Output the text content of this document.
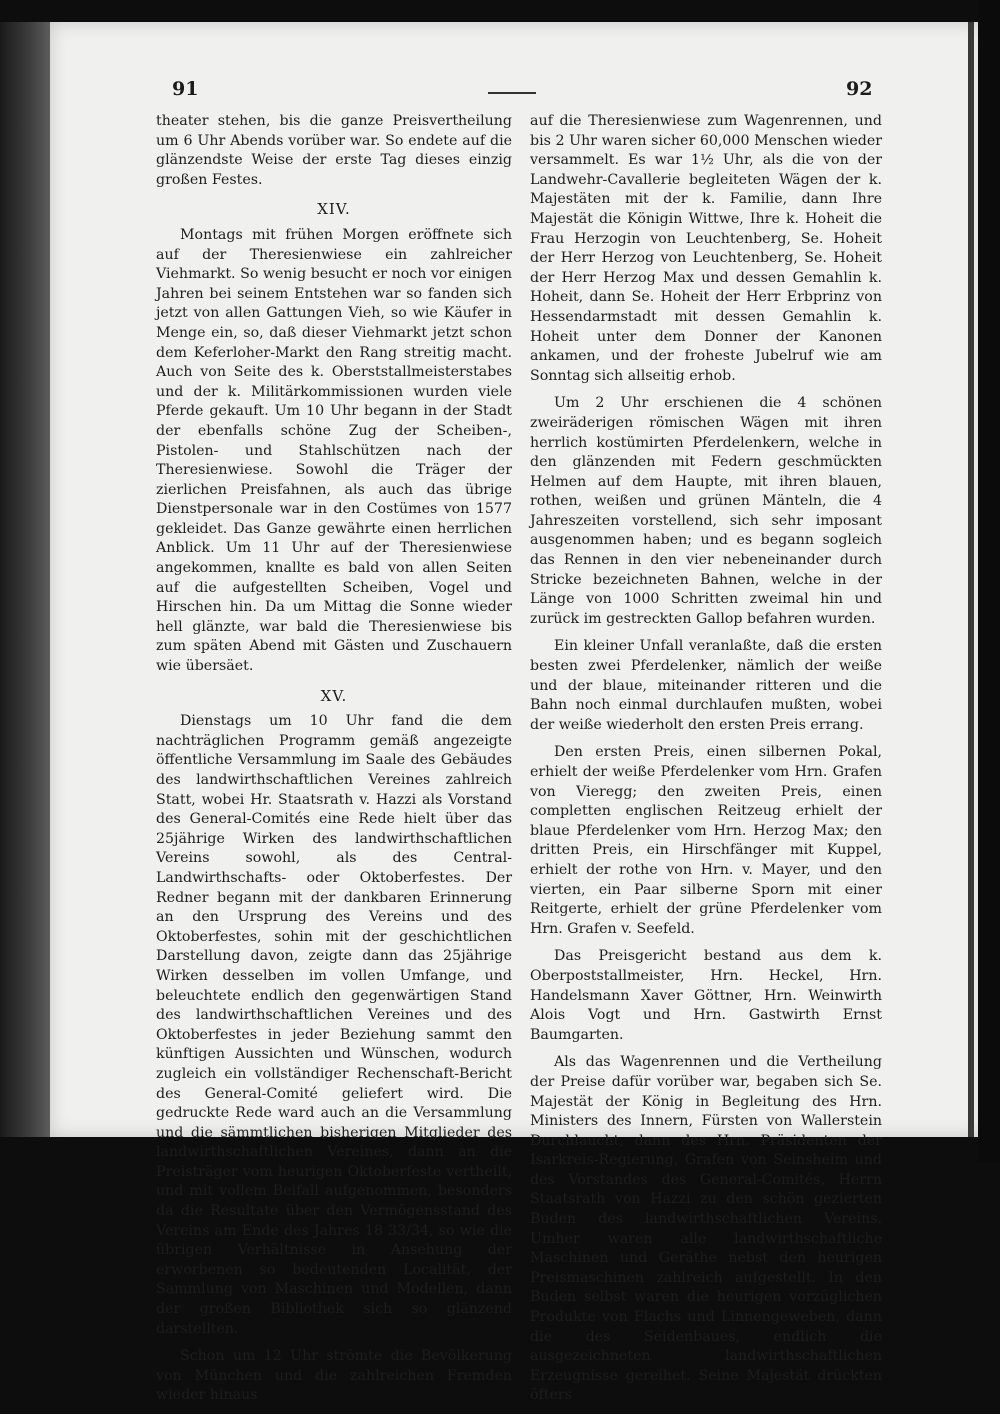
91	92

theater stehen, bis die ganze Preisvertheilung um 6 Uhr Abends vorüber war. So endete auf die glänzendste Weise der erste Tag dieses einzig großen Festes.

XIV.

Montags mit frühen Morgen eröffnete sich auf der Theresienwiese ein zahlreicher Viehmarkt. So wenig besucht er noch vor einigen Jahren bei seinem Entstehen war so fanden sich jetzt von allen Gattungen Vieh, so wie Käufer in Menge ein, so, daß dieser Viehmarkt jetzt schon dem Keferloher-Markt den Rang streitig macht. Auch von Seite des k. Oberststallmeisterstabes und der k. Militärkommissionen wurden viele Pferde gekauft. Um 10 Uhr begann in der Stadt der ebenfalls schöne Zug der Scheiben-, Pistolen- und Stahlschützen nach der Theresienwiese. Sowohl die Träger der zierlichen Preisfahnen, als auch das übrige Dienstpersonale war in den Costümes von 1577 gekleidet. Das Ganze gewährte einen herrlichen Anblick. Um 11 Uhr auf der Theresienwiese angekommen, knallte es bald von allen Seiten auf die aufgestellten Scheiben, Vogel und Hirschen hin. Da um Mittag die Sonne wieder hell glänzte, war bald die Theresienwiese bis zum späten Abend mit Gästen und Zuschauern wie übersäet.

XV.

Dienstags um 10 Uhr fand die dem nachträglichen Programm gemäß angezeigte öffentliche Versammlung im Saale des Gebäudes des landwirthschaftlichen Vereines zahlreich Statt, wobei Hr. Staatsrath v. Hazzi als Vorstand des General-Comités eine Rede hielt über das 25jährige Wirken des landwirthschaftlichen Vereins sowohl, als des Central-Landwirthschafts- oder Oktoberfestes. Der Redner begann mit der dankbaren Erinnerung an den Ursprung des Vereins und des Oktoberfestes, sohin mit der geschichtlichen Darstellung davon, zeigte dann das 25jährige Wirken desselben im vollen Umfange, und beleuchtete endlich den gegenwärtigen Stand des landwirthschaftlichen Vereines und des Oktoberfestes in jeder Beziehung sammt den künftigen Aussichten und Wünschen, wodurch zugleich ein vollständiger Rechenschaft-Bericht des General-Comité geliefert wird. Die gedruckte Rede ward auch an die Versammlung und die sämmtlichen bisherigen Mitglieder des landwirthschaftlichen Vereines, dann an die Preisträger vom heurigen Oktoberfeste vertheilt, und mit vollem Beifall aufgenommen, besonders da die Resultate über den Vermögensstand des Vereins am Ende des Jahres 18 33/34, so wie die übrigen Verhältnisse in Ansehung der erworbenen so bedeutenden Localität, der Sammlung von Maschinen und Modellen, dann der großen Bibliothek sich so glänzend darstellten.

Schon um 12 Uhr strömte die Bevölkerung von München und die zahlreichen Fremden wieder hinaus

auf die Theresienwiese zum Wagenrennen, und bis 2 Uhr waren sicher 60,000 Menschen wieder versammelt. Es war 1½ Uhr, als die von der Landwehr-Cavallerie begleiteten Wägen der k. Majestäten mit der k. Familie, dann Ihre Majestät die Königin Wittwe, Ihre k. Hoheit die Frau Herzogin von Leuchtenberg, Se. Hoheit der Herr Herzog von Leuchtenberg, Se. Hoheit der Herr Herzog Max und dessen Gemahlin k. Hoheit, dann Se. Hoheit der Herr Erbprinz von Hessendarmstadt mit dessen Gemahlin k. Hoheit unter dem Donner der Kanonen ankamen, und der froheste Jubelruf wie am Sonntag sich allseitig erhob.

Um 2 Uhr erschienen die 4 schönen zweiräderigen römischen Wägen mit ihren herrlich kostümirten Pferdelenkern, welche in den glänzenden mit Federn geschmückten Helmen auf dem Haupte, mit ihren blauen, rothen, weißen und grünen Mänteln, die 4 Jahreszeiten vorstellend, sich sehr imposant ausgenommen haben; und es begann sogleich das Rennen in den vier nebeneinander durch Stricke bezeichneten Bahnen, welche in der Länge von 1000 Schritten zweimal hin und zurück im gestreckten Gallop befahren wurden.

Ein kleiner Unfall veranlaßte, daß die ersten besten zwei Pferdelenker, nämlich der weiße und der blaue, miteinander ritteren und die Bahn noch einmal durchlaufen mußten, wobei der weiße wiederholt den ersten Preis errang.

Den ersten Preis, einen silbernen Pokal, erhielt der weiße Pferdelenker vom Hrn. Grafen von Vieregg; den zweiten Preis, einen completten englischen Reitzeug erhielt der blaue Pferdelenker vom Hrn. Herzog Max; den dritten Preis, ein Hirschfänger mit Kuppel, erhielt der rothe von Hrn. v. Mayer, und den vierten, ein Paar silberne Sporn mit einer Reitgerte, erhielt der grüne Pferdelenker vom Hrn. Grafen v. Seefeld.

Das Preisgericht bestand aus dem k. Oberpoststallmeister, Hrn. Heckel, Hrn. Handelsmann Xaver Göttner, Hrn. Weinwirth Alois Vogt und Hrn. Gastwirth Ernst Baumgarten.

Als das Wagenrennen und die Vertheilung der Preise dafür vorüber war, begaben sich Se. Majestät der König in Begleitung des Hrn. Ministers des Innern, Fürsten von Wallerstein Durchlaucht, dann des Hrn. Präsidenten der Isarkreis-Regierung, Grafen von Seinsheim und des Vorstandes des General-Comités, Herrn Staatsrath von Hazzi zu den schön gezierten Buden des landwirthschaftlichen Vereins. Umher waren alle landwirthschaftliche Maschinen und Geräthe nebst den heurigen Preismaschinen zahlreich aufgestellt. In den Buden selbst waren die heurigen vorzüglichen Produkte von Flachs und Linnengeweben, dann die des Seidenbaues, endlich die ausgezeichneten landwirthschaftlichen Erzeugnisse gereihet. Seine Majestät drückten öfters
